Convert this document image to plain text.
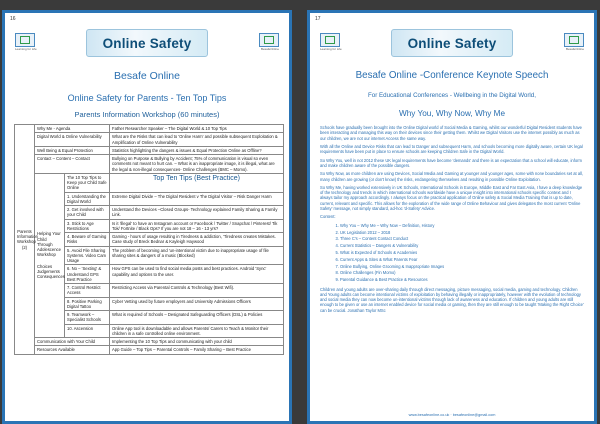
16
Learning for Life	Online Safety	BesafeOnline
Besafe Online
Online Safety for Parents - Ten Top Tips
Parents Information Workshop (60 minutes)
Parents Information Workshop (2)	Why Me - Agenda		Father Researcher Speaker – The Digital World & 10 Top Tips
	Digital World & Online Vulnerability		What are the Risks that can lead to 'Online Harm' and possible subsequent Exploitation & Amplification of Online Vulnerability
	Well Being & Equal Protection		Statistics highlighting the dangers & issues & Equal Protection Online as Offline?
	Contact – Content – Contact		Bullying on Purpose & Bullying by Accident; 75% of communication is visual so even comments not meant to hurt can. – What is an inappropriate image, it is illegal, what are the legal & non-illegal consequences- Online Challenges (BMC – Momo).

	Helping Your Child Through Adolescence Workshop
Choices Judgements Consequences	The 10 Top Tips to Keep your Child Safe Online	Top Ten Tips (Best Practice)
		1. Understanding the Digital World	Extreme Digital Divide – The Digital Resident v The Digital Visitor – Risk Danger Harm
		2. Get involved with your Child	Understand the Devices –Closed Groups- Technology explained Family Sharing & Family Link.
		3. Stick to Age Restrictions	Is it 'illegal' to have an Instagram account or Facebook / Twitter / Snapchat / Pinterest/ Tik Tok/ Fortnite / Black Ops? If you are not 18 – 16 - 13 yrs?
		4. Beware of Gaming Risks	Gaming - hours of usage resulting in Tiredness & addiction, 'Tiredness creates Mistakes. Case study of Breck Bednar & Kayleigh Haywood
		5. Avoid File Sharing Systems. Video Cam Usage	The problem of becoming and 'un-intentional victim due to inappropriate usage of file sharing sites & dangers of a music (Blocked)
		6. No – 'Sexting' & Understand GPS Best Practice	How GPS can be used to find social media posts and best practices. Android 'Sync' capability and options to the user.
		7. Control Restrict Access	Restricting Access via Parental Controls & Technology (Best Wifi).
		8. Positive Parking Digital Tattoo	Cyber Vetting used by future employers and University Admissions Officers
		9. Teamwork – Specialist Schools	What is required of Schools – Designated Safeguarding Officers (DSL) & Policies
		10. Ascension	Online App tool is downloadable and allows Parents/ Carers to Teach & Monitor their children in a safe controlled online environment.
	Communication with Your Child		Implementing the 10 Top Tips and communicating with your child
	Resources Available		App Guide – Top Tips – Parental Controls – Family Sharing – Best Practice
17
Learning for Life	Online Safety	BesafeOnline
Besafe Online -Conference Keynote Speech
For Educational Conferences - Wellbeing in the Digital World,
Why You, Why Now, Why Me

Schools have gradually been brought into the Online Digital world of Social Media & Gaming, whilst our wonderful Digital Resident students have been interacting and managing this way on their devices since their getting them. Whilst we Digital Visitors use the internet possibly as much as our children, we are not our internet Access the same way.

With all the Online and Device Risks that can lead to Danger and subsequent Harm, and schools becoming more digitally aware, certain UK legal requirements have been put in place to ensure schools are keeping Children Safe in the Digital World.

So Why You, well in not 2012 these UK legal requirements have become 'demands' and there is an expectation that a school will educate, inform and make children aware of the possible dangers.

So Why Now, as more children are using Devices, Social Media and Gaming at younger and younger ages, some with none boundaries set at all, many children are growing (or don't know) the risks, endangering themselves and resulting in possible Online Exploitation.

So Why Me, having worked extensively in UK Schools, International Schools in Europe, Middle East and Far East Asia, I have a deep knowledge of the technology and trends in which international schools worldwide have a unique insight into international schools specific context and I always tailor my approach accordingly. I always focus on the practical application of Online safety & Social Media Training that is up to date, current, relevant and specific. This allows for the exploration of the wide range of Online Behaviour and gives delegates the most current 'Online Safety' message, not simply standard, ad-hoc 'd-Safety' Advice.

Content:

1. Why You – Why Me – Why Now – Definition, History
2. UK Legislation 2012 – 2018
3. Three C's – Content Contact Conduct
4. Current Statistics – Dangers & Vulnerability
5. What is Expected of Schools & Academies
6. Current Apps & Sites & What Parents Fear
7. Online Bullying, Online Grooming & Inappropriate Images
8. Online Challenges (Fin Momo)
9. Parental Guidance & Best Practice & Resources

Children and young adults are over-sharing daily through direct messaging, picture messaging, social media, gaming and technology. Children and Young adults can become intentional victims of exploitation by behaving illegally or inappropriately, however with the evolution of technology and social media they can now become un-intentional victims through lack of awareness and education. If children and young adults are still enough to be given or use an internet enabled device for social media or gaming, then they are still enough to be taught 'Making the Right Choice' can be crucial. Jonathan Taylor MSc

www.besafeonline.co.uk · besafeonline@gmail.com
